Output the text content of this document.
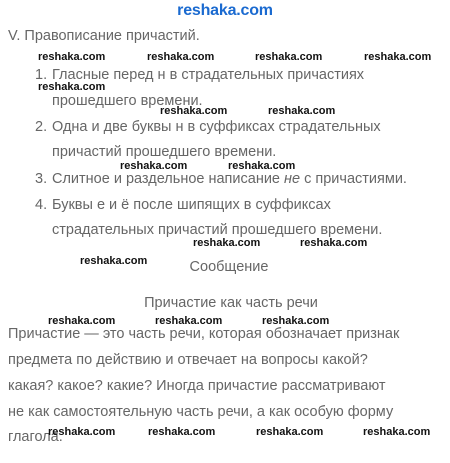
reshaka.com
V. Правописание причастий.
1. Гласные перед н в страдательных причастиях
прошедшего времени.
2. Одна и две буквы н в суффиксах страдательных
причастий прошедшего времени.
3. Слитное и раздельное написание не с причастиями.
4. Буквы е и ё после шипящих в суффиксах
страдательных причастий прошедшего времени.
Сообщение
Причастие как часть речи
Причастие — это часть речи, которая обозначает признак
предмета по действию и отвечает на вопросы какой?
какая? какое? какие? Иногда причастие рассматривают
не как самостоятельную часть речи, а как особую форму
глагола.
reshaka.com	reshaka.com	reshaka.com	reshaka.com
reshaka.com
reshaka.com	reshaka.com
reshaka.com	reshaka.com
reshaka.com	reshaka.com
reshaka.com
reshaka.com	reshaka.com	reshaka.com
reshaka.com	reshaka.com	reshaka.com	reshaka.com
